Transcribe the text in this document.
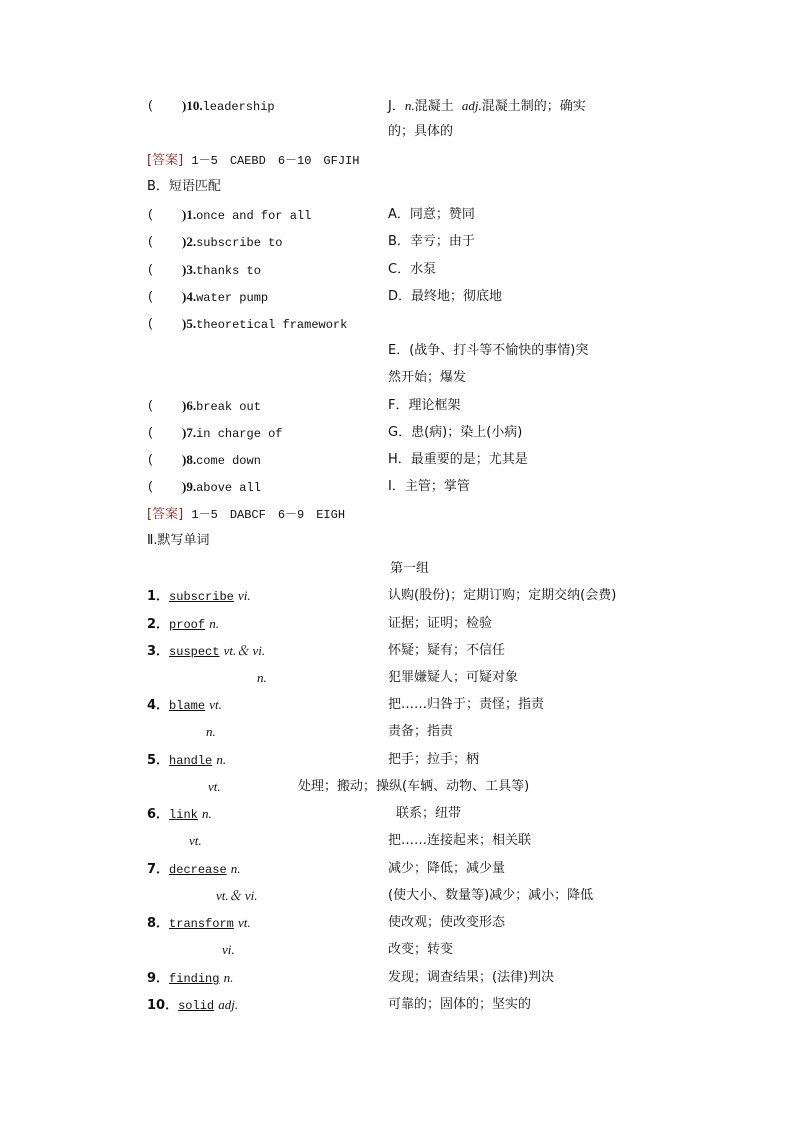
(
)10.leadership	J．n.混凝土 adj.混凝土制的；确实
的；具体的
[答案] 1－5　CAEBD　6－10　GFJIH
B．短语匹配
(
)1.once and for all	A．同意；赞同
(
)2.subscribe to	B．幸亏；由于
(
)3.thanks to	C．水泵
(
)4.water pump	D．最终地；彻底地
(
)5.theoretical framework
E．(战争、打斗等不愉快的事情)突
然开始；爆发
(
)6.break out	F．理论框架
(
)7.in charge of	G．患(病)；染上(小病)
(
)8.come down	H．最重要的是；尤其是
(
)9.above all	I．主管；掌管
[答案] 1－5　DABCF　6－9　EIGH
Ⅱ.默写单词
第一组
1．subscribe vi.	认购(股份)；定期订购；定期交纳(会费)
2．proof n.	证据；证明；检验
3．suspect vt.＆ vi.	怀疑；疑有；不信任
n.	犯罪嫌疑人；可疑对象
4．blame vt.	把……归咎于；责怪；指责
n.	责备；指责
5．handle n.	把手；拉手；柄
vt.	处理；搬动；操纵(车辆、动物、工具等)
6．link n.	联系；纽带
vt.	把……连接起来；相关联
7．decrease n.	减少；降低；减少量
vt.＆ vi.	(使大小、数量等)减少；减小；降低
8．transform vt.	使改观；使改变形态
vi.	改变；转变
9．finding n.	发现；调查结果；(法律)判决
10．solid adj.	可靠的；固体的；坚实的
